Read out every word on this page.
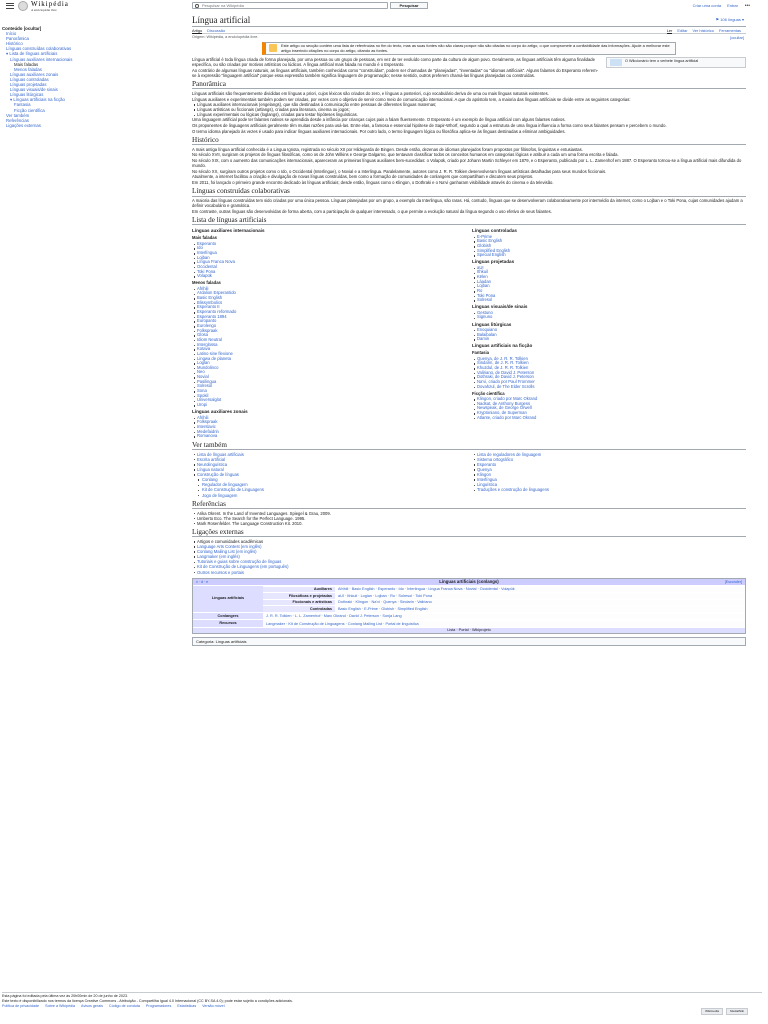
Wikipédia
A enciclopédia livre
Pesquisar na Wikipédia	Pesquisar	Criar uma conta Entrar •••
Conteúdo [ocultar]
Início
Panorâmica
Histórico
Línguas construídas colaborativas
▾ Lista de línguas artificiais
Línguas auxiliares internacionais
Mais faladas
Menos faladas
Línguas auxiliares zonais
Línguas controladas
Línguas projetadas
Línguas visuais/de sinais
Línguas litúrgicas
▾ Línguas artificiais na ficção
Fantasia
Ficção científica
Ver também
Referências
Ligações externas
Língua artificial	⚑ 106 línguas ▾
Artigo Discussão	Ler Editar Ver histórico Ferramentas
Origem: Wikipédia, a enciclopédia livre.	[ocultar]
Este artigo ou secção contém uma lista de referências no fim do texto, mas as suas fontes não são claras porque não são citadas no corpo do artigo, o que compromete a confiabilidade das informações. Ajude a melhorar este artigo inserindo citações no corpo do artigo, citando as fontes.
O Wikcionário tem o verbete língua artificial

Língua artificial é toda língua criada de forma planejada, por uma pessoa ou um grupo de pessoas, em vez de ter evoluído como parte da cultura de algum povo. Geralmente, as línguas artificiais têm alguma finalidade específica, ou são criadas por motivos artísticos ou lúdicos. A língua artificial mais falada no mundo é o Esperanto.

Ao contrário de algumas línguas naturais, as línguas artificiais, também conhecidas como "construídas", podem ser chamadas de "planejadas", "inventadas" ou "idiomas artificiais". Alguns falantes do Esperanto referem-se à expressão "linguagem artificial" porque essa expressão também significa linguagem de programação; nesse sentido, outros preferem chamá-las línguas planejadas ou construídas.

Panorâmica

Línguas artificiais são frequentemente divididas em línguas a priori, cujos léxicos são criados do zero, e línguas a posteriori, cujo vocabulário deriva de uma ou mais línguas naturais existentes.

Línguas auxiliares e experimentais também podem ser criadas, por vezes com o objetivo de servir como meio de comunicação internacional. A que do apóstolo tem, a maioria das línguas artificiais se divide entre as seguintes categorias:

Línguas auxiliares internacionais (engelangs), que são destinadas à comunicação entre pessoas de diferentes línguas maternas;
Línguas artísticas ou ficcionais (artlangs), criadas para literatura, cinema ou jogos;
Línguas experimentais ou lógicas (loglangs), criadas para testar hipóteses linguísticas.

Uma linguagem artificial pode ter falantes nativos se aprendida desde a infância por crianças cujos pais a falam fluentemente. O Esperanto é um exemplo de língua artificial com alguns falantes nativos.

Os proponentes de linguagens artificiais geralmente têm muitas razões para usá-las. Entre elas, a famosa e essencial hipótese de Sapir-Whorf, segundo a qual a estrutura de uma língua influencia a forma como seus falantes pensam e percebem o mundo.

O termo idioma planejado às vezes é usado para indicar línguas auxiliares internacionais. Por outro lado, o termo linguagem lógica ou filosófica aplica-se às línguas destinadas a eliminar ambiguidades.

Histórico

A mais antiga língua artificial conhecida é a Lingua Ignota, registrada no século XII por Hildegarda de Bingen. Desde então, dezenas de idiomas planejados foram propostos por filósofos, linguistas e entusiastas.

No século XVII, surgiram os projetos de línguas filosóficas, como os de John Wilkins e George Dalgarno, que tentavam classificar todos os conceitos humanos em categorias lógicas e atribuir a cada um uma forma escrita e falada.

No século XIX, com o aumento das comunicações internacionais, apareceram as primeiras línguas auxiliares bem-sucedidas: o Volapük, criado por Johann Martin Schleyer em 1879, e o Esperanto, publicado por L. L. Zamenhof em 1887. O Esperanto tornou-se a língua artificial mais difundida do mundo.

No século XX, surgiram outros projetos como o Ido, o Occidental (Interlingue), o Novial e a Interlingua. Paralelamente, autores como J. R. R. Tolkien desenvolveram línguas artísticas detalhadas para seus mundos ficcionais.

Atualmente, a internet facilitou a criação e divulgação de novas línguas construídas, bem como a formação de comunidades de conlangers que compartilham e discutem seus projetos.

Em 2011, foi lançado o primeiro grande encontro dedicado às línguas artificiais; desde então, línguas como o Klingon, o Dothraki e o Na'vi ganharam visibilidade através do cinema e da televisão.

Línguas construídas colaborativas

A maioria das línguas construídas tem sido criadas por uma única pessoa. Línguas planejadas por um grupo, a exemplo da Interlingua, são raras. Há, contudo, línguas que se desenvolveram colaborativamente por intermédio da internet, como o Lojban e o Toki Pona, cujas comunidades ajudam a definir vocabulário e gramática.

Em contraste, outras línguas são desenvolvidas de forma aberta, com a participação de qualquer interessado, o que permite a evolução natural da língua segundo o uso efetivo de seus falantes.

Lista de línguas artificiais
Línguas auxiliares internacionais
Mais faladas
Esperanto
Ido
Interlíngua
Lojban
Língua Franca Nova
Occidental
Toki Pona
Volapük
Menos faladas
Afrihili
Ardalion Esperantido
Basic English
Blissymbolics
Esperanto II
Esperanto reformado
Esperanto 1894
Europanto
Eurolengo
Folkspraak
Glosa
Idiom Neutral
Interglossa
Kotava
Latino sine flexione
Lingwa de planeta
Loglan
Mundolinco
Neo
Novial
Pasilingua
Solresol
Sona
Spokil
Universalglot
Uropi
Línguas auxiliares zonais
Afrihili
Folkspraak
Interslavic
Medefaidrin
Romanova
Línguas controladas
E-Prime
Basic English
Globish
Simplified English
Special English
Línguas projetadas
aUI
Ithkuil
Kēlen
Láadan
Lojban
Ro
Toki Pona
Solresol
Línguas visuais/de sinais
Gestuno
Signuno
Línguas litúrgicas
Enoquiano
Balaibalan
Damin
Línguas artificiais na ficção
Fantasia
Quenya, de J. R. R. Tolkien
Sindarin, de J. R. R. Tolkien
Khuzdul, de J. R. R. Tolkien
Valiriano, de David J. Peterson
Dothraki, de David J. Peterson
Na'vi, criado por Paul Frommer
Dovahzul, de The Elder Scrolls
Ficção científica
Klingon, criado por Marc Okrand
Nadsat, de Anthony Burgess
Newspeak, de George Orwell
Kryptoniano, de Superman
Atlante, criado por Marc Okrand
Ver também
Lista de línguas artificiais
Escrita artificial
Neurolinguística
Língua natural
Construção de línguas
Conlang
Regulador de linguagem
Kit de Construção de Linguagens
Jogo de linguagem
Lista de reguladores de linguagem
Sistema ortográfico
Esperanto
Quenya
Klingon
Interlíngua
Linguística
Traduções e construção de linguagens
Referências
Arika Okrent. In the Land of Invented Languages. Spiegel & Grau, 2009.
Umberto Eco. The Search for the Perfect Language. 1995.
Mark Rosenfelder. The Language Construction Kit. 2010.
Ligações externas
Artigos e comunidades acadêmicas
Language Arts Contest (em inglês)
Conlang Mailing List (em inglês)
Langmaker (em inglês)
Tutoriais e guias sobre construção de línguas
Kit de Construção de Linguagens (em português)
Outros recursos e portais
v · d · e	Línguas artificiais (conlangs)	[Esconder]
Línguas artificiais
Auxiliares	Afrihili · Basic English · Esperanto · Ido · Interlingua · Lingua Franca Nova · Novial · Occidental · Volapük
Filosóficas e projetadas	aUI · Ithkuil · Loglan · Lojban · Ro · Solresol · Toki Pona
Ficcionais e artísticas	Dothraki · Klingon · Na'vi · Quenya · Sindarin · Valiriano
Controladas	Basic English · E-Prime · Globish · Simplified English
Conlangers	J. R. R. Tolkien · L. L. Zamenhof · Marc Okrand · David J. Peterson · Sonja Lang
Recursos	Langmaker · Kit de Construção de Linguagens · Conlang Mailing List · Portal de linguística
Lista · Portal · Wikiprojeto
Categoria: Línguas artificiais
Esta página foi editada pela última vez às 20h00min de 20 de junho de 2023.
Este texto é disponibilizado nos termos da licença Creative Commons - Atribuição - Compartilha Igual 4.0 Internacional (CC BY-SA 4.0); pode estar sujeito a condições adicionais.
Política de privacidade Sobre a Wikipédia Avisos gerais Código de conduta Programadores Estatísticas Versão móvel
Wikimedia	MediaWiki
